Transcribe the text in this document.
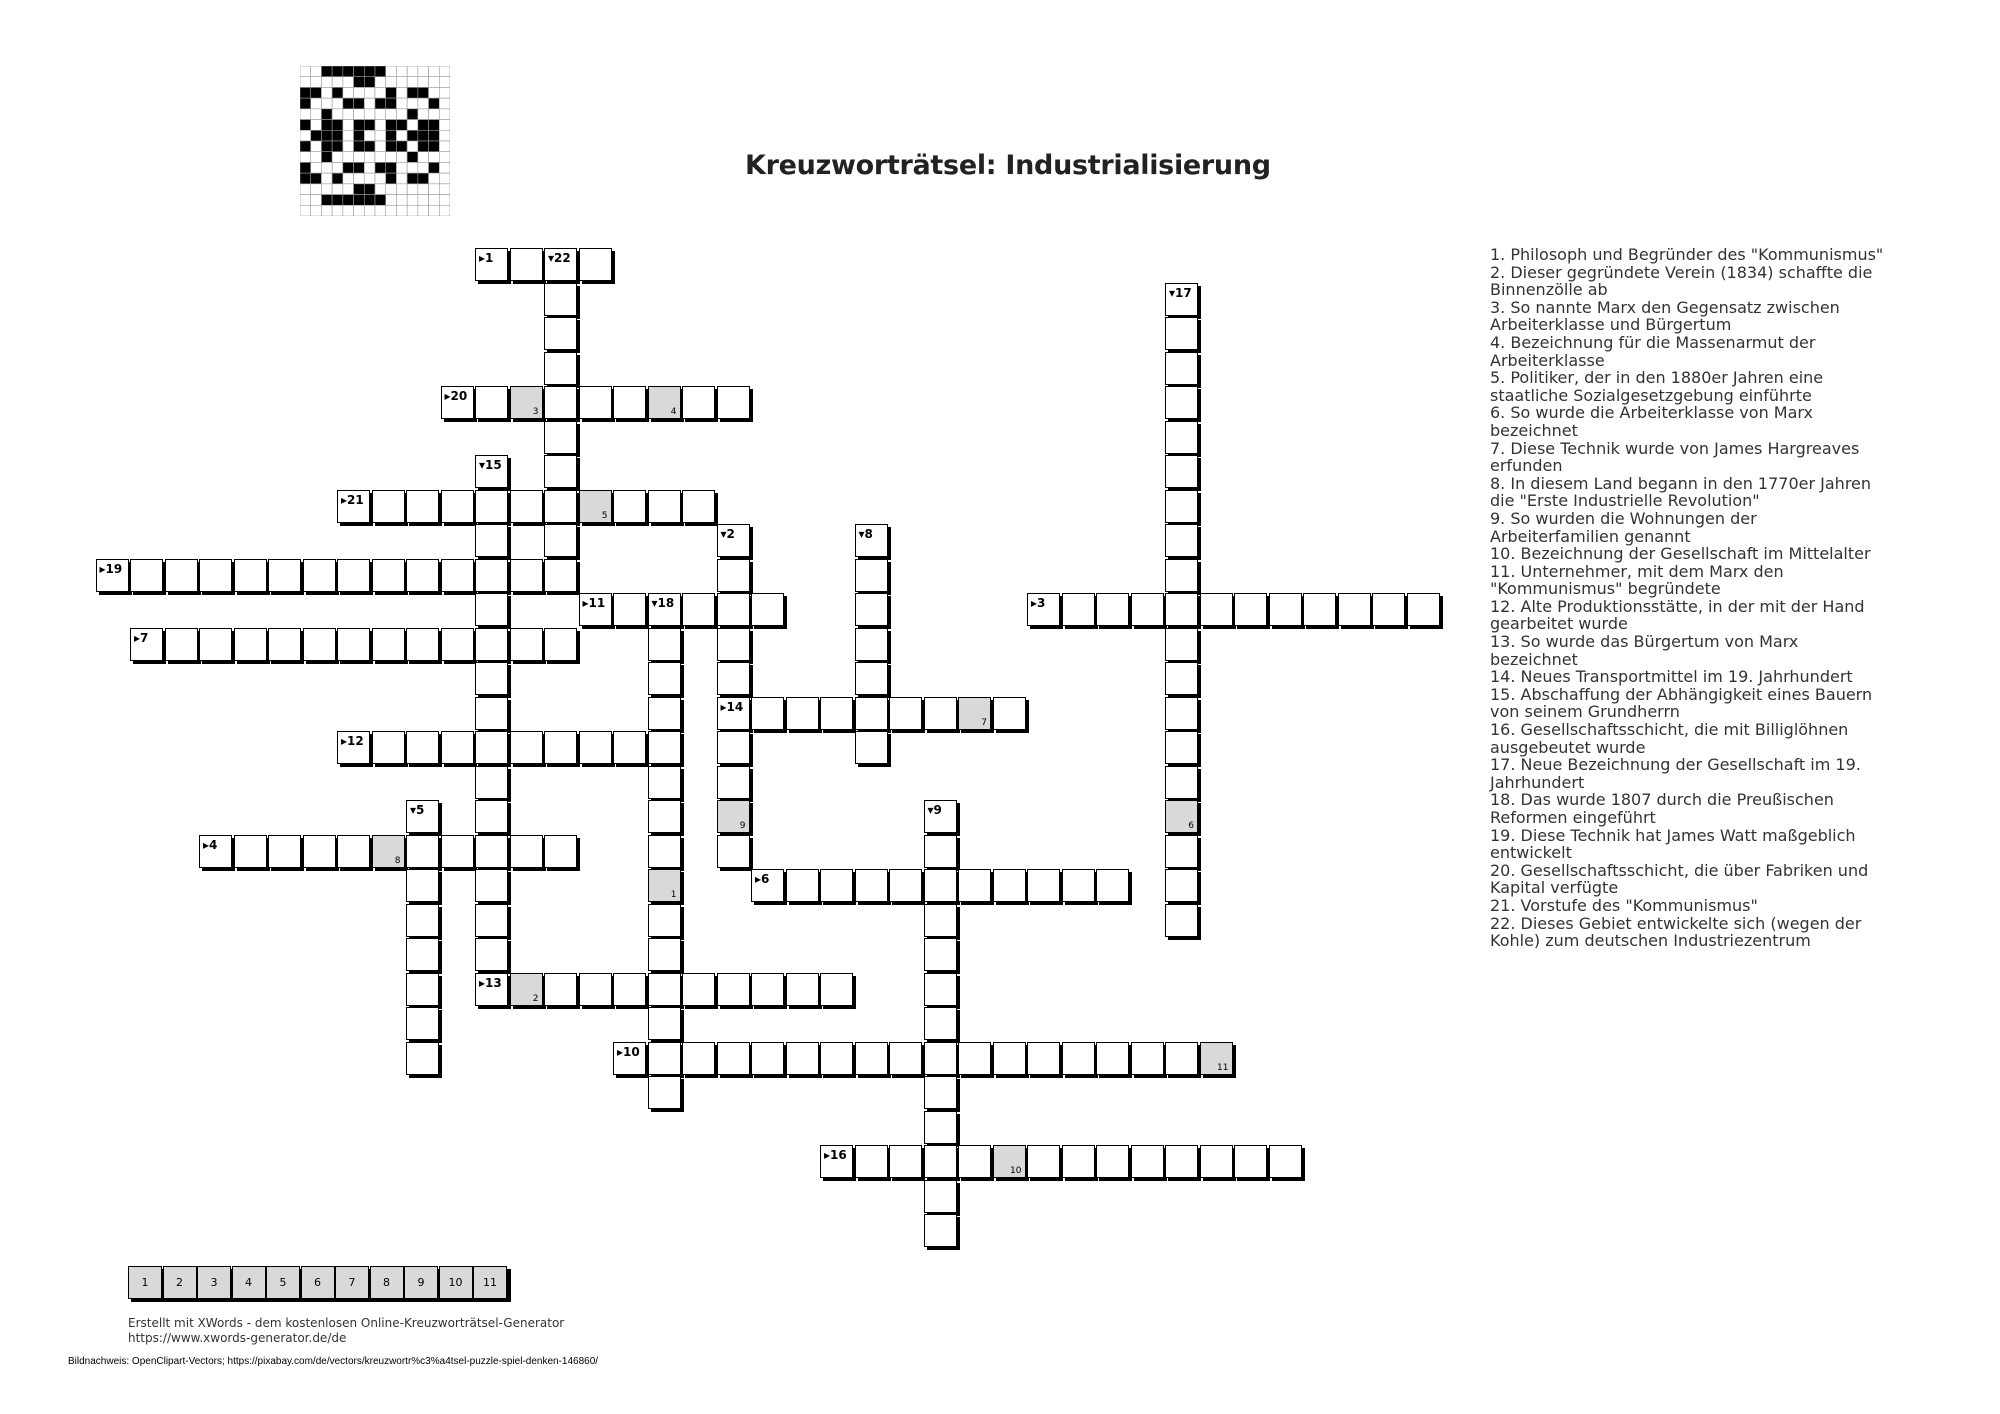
Kreuzworträtsel: Industrialisierung
▸1	▾22
▾17
6
▸20
3	4
▾15
▸21
5
▾2
▸14
9
▾8
▸19
▸11	▾18
1
▸3
▸7
7
▸12
▾5	▾9
▸4
8
▸6
▸13
2
▸10
11
▸16
10
1. Philosoph und Begründer des "Kommunismus"
2. Dieser gegründete Verein (1834) schaffte die Binnenzölle ab
3. So nannte Marx den Gegensatz zwischen Arbeiterklasse und Bürgertum
4. Bezeichnung für die Massenarmut der Arbeiterklasse
5. Politiker, der in den 1880er Jahren eine staatliche Sozialgesetzgebung einführte
6. So wurde die Arbeiterklasse von Marx bezeichnet
7. Diese Technik wurde von James Hargreaves erfunden
8. In diesem Land begann in den 1770er Jahren die "Erste Industrielle Revolution"
9. So wurden die Wohnungen der Arbeiterfamilien genannt
10. Bezeichnung der Gesellschaft im Mittelalter
11. Unternehmer, mit dem Marx den "Kommunismus" begründete
12. Alte Produktionsstätte, in der mit der Hand gearbeitet wurde
13. So wurde das Bürgertum von Marx bezeichnet
14. Neues Transportmittel im 19. Jahrhundert
15. Abschaffung der Abhängigkeit eines Bauern von seinem Grundherrn
16. Gesellschaftsschicht, die mit Billiglöhnen ausgebeutet wurde
17. Neue Bezeichnung der Gesellschaft im 19. Jahrhundert
18. Das wurde 1807 durch die Preußischen Reformen eingeführt
19. Diese Technik hat James Watt maßgeblich entwickelt
20. Gesellschaftsschicht, die über Fabriken und Kapital verfügte
21. Vorstufe des "Kommunismus"
22. Dieses Gebiet entwickelte sich (wegen der Kohle) zum deutschen Industriezentrum
1	2	3	4	5	6	7	8	9	10	11
Erstellt mit XWords - dem kostenlosen Online-Kreuzworträtsel-Generator
https://www.xwords-generator.de/de
Bildnachweis: OpenClipart-Vectors; https://pixabay.com/de/vectors/kreuzwortr%c3%a4tsel-puzzle-spiel-denken-146860/
